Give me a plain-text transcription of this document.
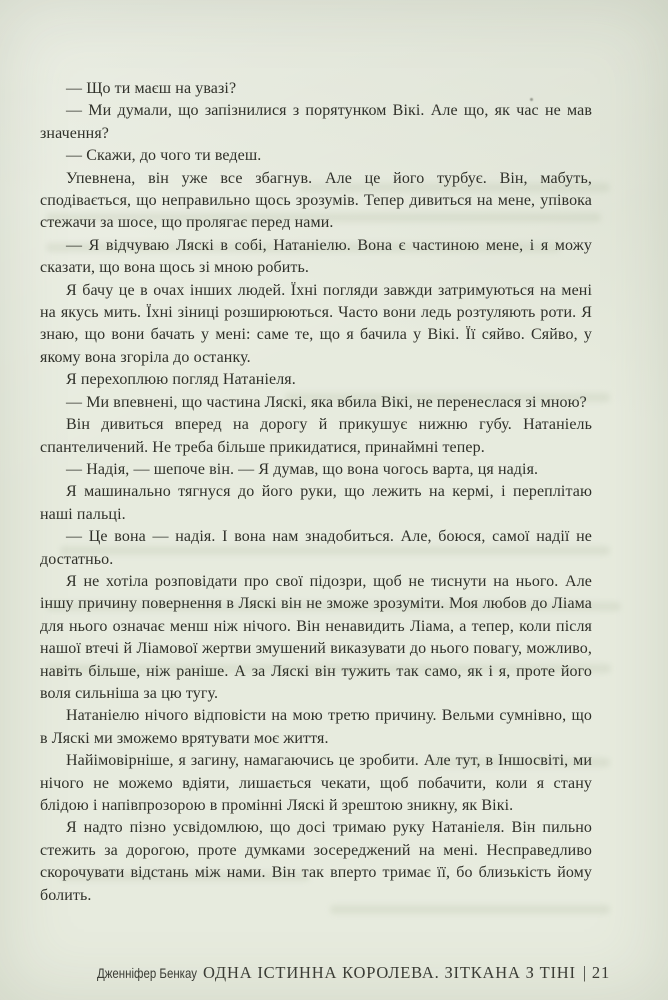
— Що ти маєш на увазі?

— Ми думали, що запізнилися з порятунком Вікі. Але що, як час не мав значення?

— Скажи, до чого ти ведеш.

Упевнена, він уже все збагнув. Але це його турбує. Він, мабуть, сподівається, що неправильно щось зрозумів. Тепер дивиться на мене, упівока стежачи за шосе, що пролягає перед нами.

— Я відчуваю Ляскі в собі, Натаніелю. Вона є частиною мене, і я можу сказати, що вона щось зі мною робить.

Я бачу це в очах інших людей. Їхні погляди завжди затримуються на мені на якусь мить. Їхні зіниці розширюються. Часто вони ледь розтуляють роти. Я знаю, що вони бачать у мені: саме те, що я бачила у Вікі. Її сяйво. Сяйво, у якому вона згоріла до останку.

Я перехоплюю погляд Натаніеля.

— Ми впевнені, що частина Ляскі, яка вбила Вікі, не перенеслася зі мною?

Він дивиться вперед на дорогу й прикушує нижню губу. Натаніель спантеличений. Не треба більше прикидатися, принаймні тепер.

— Надія, — шепоче він. — Я думав, що вона чогось варта, ця надія.

Я машинально тягнуся до його руки, що лежить на кермі, і переплітаю наші пальці.

— Це вона — надія. І вона нам знадобиться. Але, боюся, самої надії не достатньо.

Я не хотіла розповідати про свої підозри, щоб не тиснути на нього. Але іншу причину повернення в Ляскі він не зможе зрозуміти. Моя любов до Ліама для нього означає менш ніж нічого. Він ненавидить Ліама, а тепер, коли після нашої втечі й Ліамової жертви змушений виказувати до нього повагу, можливо, навіть більше, ніж раніше. А за Ляскі він тужить так само, як і я, проте його воля сильніша за цю тугу.

Натаніелю нічого відповісти на мою третю причину. Вельми сумнівно, що в Ляскі ми зможемо врятувати моє життя.

Найімовірніше, я загину, намагаючись це зробити. Але тут, в Іншосвіті, ми нічого не можемо вдіяти, лишається чекати, щоб побачити, коли я стану блідою і напівпрозорою в промінні Ляскі й зрештою зникну, як Вікі.

Я надто пізно усвідомлюю, що досі тримаю руку Натаніеля. Він пильно стежить за дорогою, проте думками зосереджений на мені. Несправедливо скорочувати відстань між нами. Він так вперто тримає її, бо близькість йому болить.

Дженніфер Бенкау ОДНА ІСТИННА КОРОЛЕВА. ЗІТКАНА З ТІНІ | 21
